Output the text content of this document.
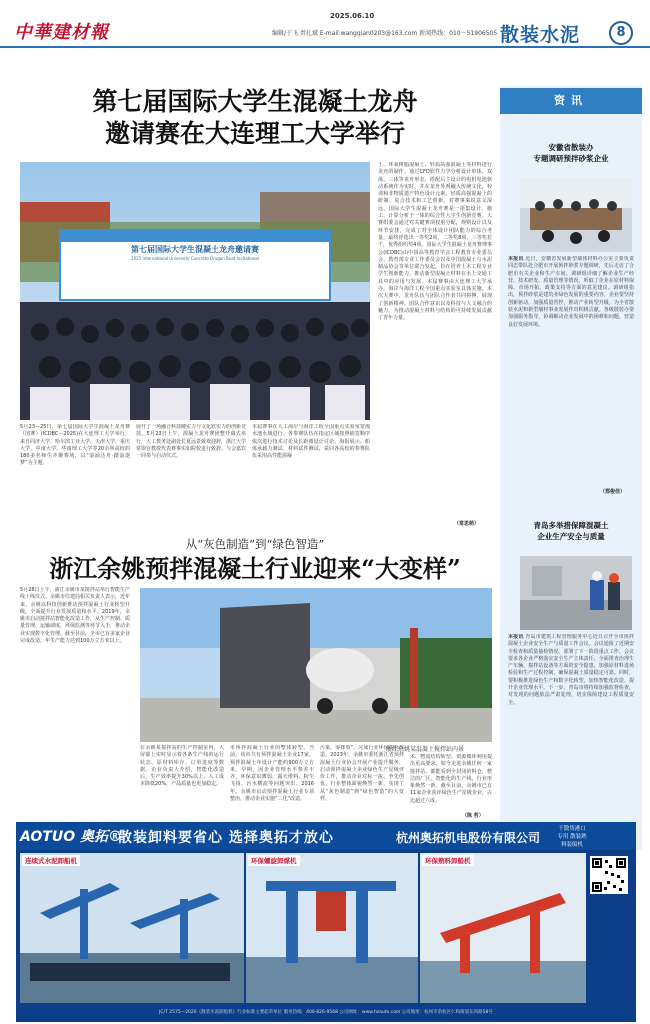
中華建材報
2025.06.10
编辑/于飞 责扎斌 E-mail:wangqian0203@163.com 新闻热线：010－51906505 散装水泥	8
第七届国际大学生混凝土龙舟
邀请赛在大连理工大学举行
第七届国际大学生混凝土龙舟邀请赛
2025 International University Concrete Dragon Boat Invitational
5月23—25日，第七届国际大学生混凝土龙舟赛（国赛）(ICDBC－2025)在大连理工大学举行。来自同济大学、哈尔滨工业大学、天津大学、重庆大学、中南大学、华南理工大学等20余所高校的180多名师生齐聚赛场，以“浪涌达舟·踏浪逐梦”为主题，
展开了一场融合科技硬实力与文化软实力的创新竞技。5月23日上午，混凝土龙舟赛团整开幕式举行，大工教务处副处长夏远景致欢迎辞，浙江大学常窗官教授代表赛事实如院校进行致辞。与会嘉宾一同参与启动仪式。
本届赛事在大工海岸与海洋工程全国重点实验室宽漫水池水域进行。各参赛队伍在指定区域按照抽签顺序依次进行技术讨论及长距离设计讨论、海报展示、船体承载力测试、材料试件测试、采回各高校的参赛队伍采用高性能混凝
土、环氧树脂混凝土、轻质高强混凝土等材料进行龙舟的制作。通过CFD软件力学分析设计单体、双体、三体等龙舟形态，搭配后主设计的电机电池驱动系统作为实时，并在龙舟外观融入传统文化，校训和非物质遗产特色设计元素。轻质高强混凝土的研制、复合技术和工艺创新，对赛事来说意义深远。国际大学生混凝土龙舟赛是一项集设计、施工、计算分析于一体的综合性大学生创新竞赛。大赛组委会通过对关键赛项权重分配，规则设计以及环节安排，完成了对全体设计团队能力的综合考量。最终评选出一等奖2项，二等奖8项，三等奖若干，优秀组织奖4项。国际大学生混凝土龙舟赛理事会(ICDBC)由中国高等教育学会工程教育专业委员会、教育部专业工作委员会以及中国混凝土与水泥制品协会等单位联合发起，旨在培养土木工程专业学生创新能力，推动新型混凝土材料在水上交通工具中的应用与发展。本届赛事由大连理工大学承办，海岸与海洋工程全国重点实验室具体实施。本次大赛中，龙舟队伍与团队合作者共同拼搏，展现了创新精神、团队合作意识以及科技与人文融合的魅力，为推动混凝土材料与结构的可持续发展贡献了青年力量。
（常思萌）
资讯
安徽省散装办
专题调研预拌砂浆企业
本报讯 近日，安徽省发展新型墙体材料办公室主要负责同志带队赴合肥市开展预拌砂浆专题调研，先后走访了合肥市有关企业和生产车间。调研组详细了解企业生产经营、技术研发、质量管理等情况，听取了企业在原材料保障、市场开拓、政策支持等方面的意见建议。调研组指出，预拌砂浆是建筑业绿色发展的重要内容，企业要坚持创新驱动，加强质量管控，推动产业转型升级，为全省散装水泥和新型墙材事业发展作出积极贡献。各级散装办要加强服务指导，协调解决企业发展中的困难和问题，营造良好发展环境。
（郑俊佳）
青岛多举措保障混凝土
企业生产安全与质量
本报讯 青岛市建筑工程管理服务中心近日召开全市预拌混凝土企业安全生产与质量工作会议。会议通报了近期安全检查和质量抽检情况，部署了下一阶段重点工作。会议要求各企业严格落实安全生产主体责任，全面排查治理生产车辆、搅拌站设备等方面的安全隐患，加强原材料进场检验和生产过程控制，确保混凝土质量稳定可靠。同时，要积极推进绿色生产和数字化转型，加快智能化改造，提升企业管理水平。下一步，青岛市将持续加强监督检查，对发现的问题依法严肃处理，切实保障建设工程质量安全。
从“灰色制造”到“绿色智造”
浙江余姚预拌混凝土行业迎来“大变样”
5月28日上午，浙江余姚市某搅拌站举行智能生产线上线仪式。余姚市住建局相关负责人表示，近年来，余姚以科技创新推动预拌混凝土行业转型升级，全面提升行业发展质量和水平。2019年，余姚市启动搅拌站智能化改造工作，从生产控制、质量管理、运输调度、环保监测等环节入手，推动企业实现数字化管理。截至目前，全市已有多家企业完成改造，年生产能力达到100万立方米以上。
浙江余姚某混凝土搅拌站内景
在余姚某搅拌站的生产控制室内，大屏幕上实时显示着各条生产线的运行状态、原材料库存、订单进度等数据。企业负责人介绍，智能化改造后，生产效率提升30%以上，人工成本降低20%，产品质量也更加稳定。
市预拌混凝土行业的整体转型。当前，该市共有预拌混凝土企业17家，预拌混凝土年设计产能约900万立方米。早期，因企业管理水平参差不齐，环保意识薄弱，露天堆料、粉尘飞扬、污水横流等问题突出。2016年，余姚市启动预拌混凝土行业专项整治，推动企业实施“三化”改造。
污染、零排放”，完成行业环保提标改造。2023年，余姚市委托浙江省预拌混凝土行业协会开展产业提升服务，启动预拌混凝土企业绿色生产星级评价工作，推动企业对标一流、争先创优，行业整体面貌焕然一新，实现了从“灰色制造”到“绿色智造”的大变样。
术、物流结构转型、资源循环利用提出更高要求。如今走进余姚任何一家搅拌站，都能看到全封闭的料仓、整洁的厂区、智能化的生产线，行业形象焕然一新。截至目前，余姚市已有11家企业获评绿色生产星级企业，占比超过六成。
（陈 哲）
AOTUO 奥拓®
散装卸料要省心 选择奥拓才放心	杭州奥拓机电股份有限公司
干散货港口专用 散装熟料装船机
连续式水泥卸船机	环保螺旋卸煤机	环保熟料卸船机
JC/T 2575—2020《散装水泥卸船机》行业标准主要起草单位 服务热线：400-826-9568 公司网址：www.hzauto.com 公司地址：杭州市余杭区仁和街道东风路58号
